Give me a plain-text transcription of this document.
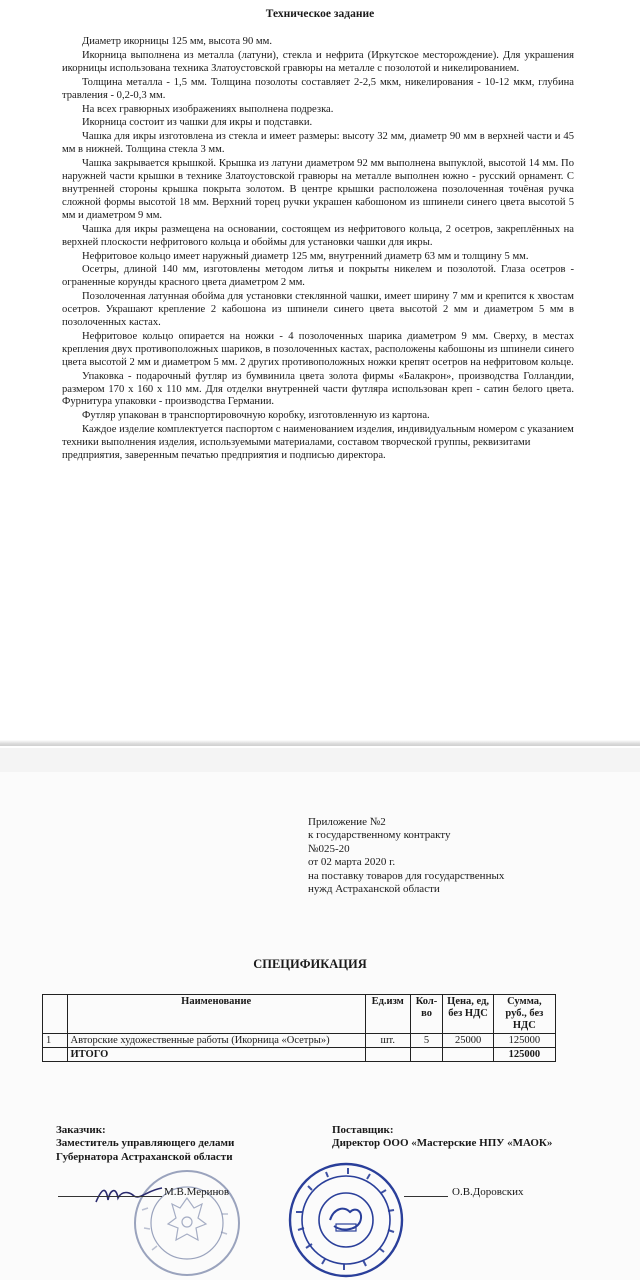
Техническое задание

Диаметр икорницы 125 мм, высота 90 мм.

Икорница выполнена из металла (латуни), стекла и нефрита (Иркутское месторождение). Для украшения икорницы использована техника Златоустовской гравюры на металле с позолотой и никелированием.

Толщина металла - 1,5 мм. Толщина позолоты составляет 2-2,5 мкм, никелирования - 10-12 мкм, глубина травления - 0,2-0,3 мм.

На всех гравюрных изображениях выполнена подрезка.

Икорница состоит из чашки для икры и подставки.

Чашка для икры изготовлена из стекла и имеет размеры: высоту 32 мм, диаметр 90 мм в верхней части и 45 мм в нижней. Толщина стекла 3 мм.

Чашка закрывается крышкой. Крышка из латуни диаметром 92 мм выполнена выпуклой, высотой 14 мм. По наружней части крышки в технике Златоустовской гравюры на металле выполнен южно - русский орнамент. С внутренней стороны крышка покрыта золотом. В центре крышки расположена позолоченная точёная ручка сложной формы высотой 18 мм. Верхний торец ручки украшен кабошоном из шпинели синего цвета высотой 5 мм и диаметром 9 мм.

Чашка для икры размещена на основании, состоящем из нефритового кольца, 2 осетров, закреплённых на верхней плоскости нефритового кольца и обоймы для установки чашки для икры.

Нефритовое кольцо имеет наружный диаметр 125 мм, внутренний диаметр 63 мм и толщину 5 мм.

Осетры, длиной 140 мм, изготовлены методом литья и покрыты никелем и позолотой. Глаза осетров - ограненные корунды красного цвета диаметром 2 мм.

Позолоченная латунная обойма для установки стеклянной чашки, имеет ширину 7 мм и крепится к хвостам осетров. Украшают крепление 2 кабошона из шпинели синего цвета высотой 2 мм и диаметром 5 мм в позолоченных кастах.

Нефритовое кольцо опирается на ножки - 4 позолоченных шарика диаметром 9 мм. Сверху, в местах крепления двух противоположных шариков, в позолоченных кастах, расположены кабошоны из шпинели синего цвета высотой 2 мм и диаметром 5 мм. 2 других противоположных ножки крепят осетров на нефритовом кольце.

Упаковка - подарочный футляр из бумвинила цвета золота фирмы «Балакрон», производства Голландии, размером 170 x 160 x 110 мм. Для отделки внутренней части футляра использован креп - сатин белого цвета. Фурнитура упаковки - производства Германии.

Футляр упакован в транспортировочную коробку, изготовленную из картона.

Каждое изделие комплектуется паспортом с наименованием изделия, индивидуальным номером с указанием техники выполнения изделия, используемыми материалами, составом творческой группы, реквизитами предприятия, заверенным печатью предприятия и подписью директора.

Приложение №2
к государственному контракту
№025-20
от 02 марта 2020 г.
на поставку товаров для государственных
нужд Астраханской области
СПЕЦИФИКАЦИЯ
	Наименование	Ед.изм	Кол-во	Цена, ед, без НДС	Сумма, руб., без НДС
1	Авторские художественные работы (Икорница «Осетры»)	шт.	5	25000	125000
	ИТОГО				125000
Заказчик:
Заместитель управляющего делами
Губернатора Астраханской области
Поставщик:
Директор ООО «Мастерские НПУ «МАОК»
М.В.Меринов	О.В.Доровских
